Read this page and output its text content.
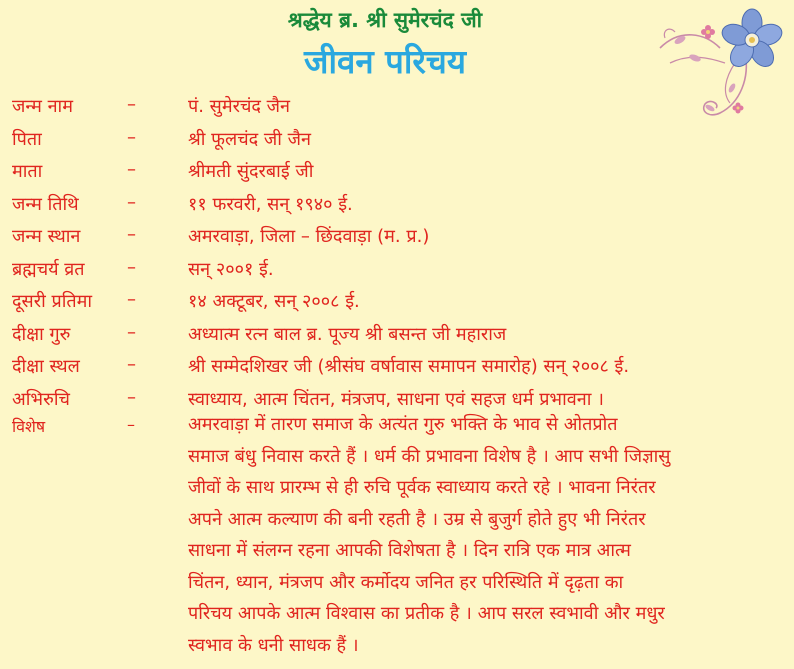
श्रद्धेय ब्र. श्री सुमेरचंद जी
जीवन परिचय
जन्म नाम	–	पं. सुमेरचंद जैन
पिता	–	श्री फूलचंद जी जैन
माता	–	श्रीमती सुंदरबाई जी
जन्म तिथि	–	११ फरवरी, सन् १९४० ई.
जन्म स्थान	–	अमरवाड़ा, जिला – छिंदवाड़ा (म. प्र.)
ब्रह्मचर्य व्रत	–	सन् २००१ ई.
दूसरी प्रतिमा	–	१४ अक्टूबर, सन् २००८ ई.
दीक्षा गुरु	–	अध्यात्म रत्न बाल ब्र. पूज्य श्री बसन्त जी महाराज
दीक्षा स्थल	–	श्री सम्मेदशिखर जी (श्रीसंघ वर्षावास समापन समारोह) सन् २००८ ई.
अभिरुचि	–	स्वाध्याय, आत्म चिंतन, मंत्रजप, साधना एवं सहज धर्म प्रभावना ।
विशेष	–	अमरवाड़ा में तारण समाज के अत्यंत गुरु भक्ति के भाव से ओतप्रोत
समाज बंधु निवास करते हैं । धर्म की प्रभावना विशेष है । आप सभी जिज्ञासु
जीवों के साथ प्रारम्भ से ही रुचि पूर्वक स्वाध्याय करते रहे । भावना निरंतर
अपने आत्म कल्याण की बनी रहती है । उम्र से बुजुर्ग होते हुए भी निरंतर
साधना में संलग्न रहना आपकी विशेषता है । दिन रात्रि एक मात्र आत्म
चिंतन, ध्यान, मंत्रजप और कर्मोदय जनित हर परिस्थिति में दृढ़ता का
परिचय आपके आत्म विश्वास का प्रतीक है । आप सरल स्वभावी और मधुर
स्वभाव के धनी साधक हैं ।
